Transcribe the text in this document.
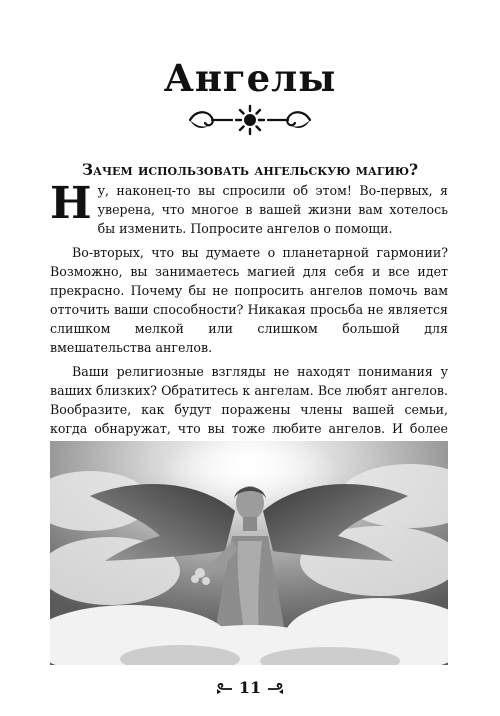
Ангелы
Зачем использовать ангельскую магию?

Ну, наконец-то вы спросили об этом! Во-первых, я уверена, что многое в вашей жизни вам хотелось бы изменить. Попросите ангелов о помощи.

Во-вторых, что вы думаете о планетарной гармонии? Возможно, вы занимаетесь магией для себя и все идет прекрасно. Почему бы не попросить ангелов помочь вам отточить ваши способности? Никакая просьба не является слишком мелкой или слишком большой для вмешательства ангелов.

Ваши религиозные взгляды не находят понимания у ваших близких? Обратитесь к ангелам. Все любят ангелов. Вообразите, как будут поражены члены вашей семьи, когда обнаружат, что вы тоже любите ангелов. И более

11
